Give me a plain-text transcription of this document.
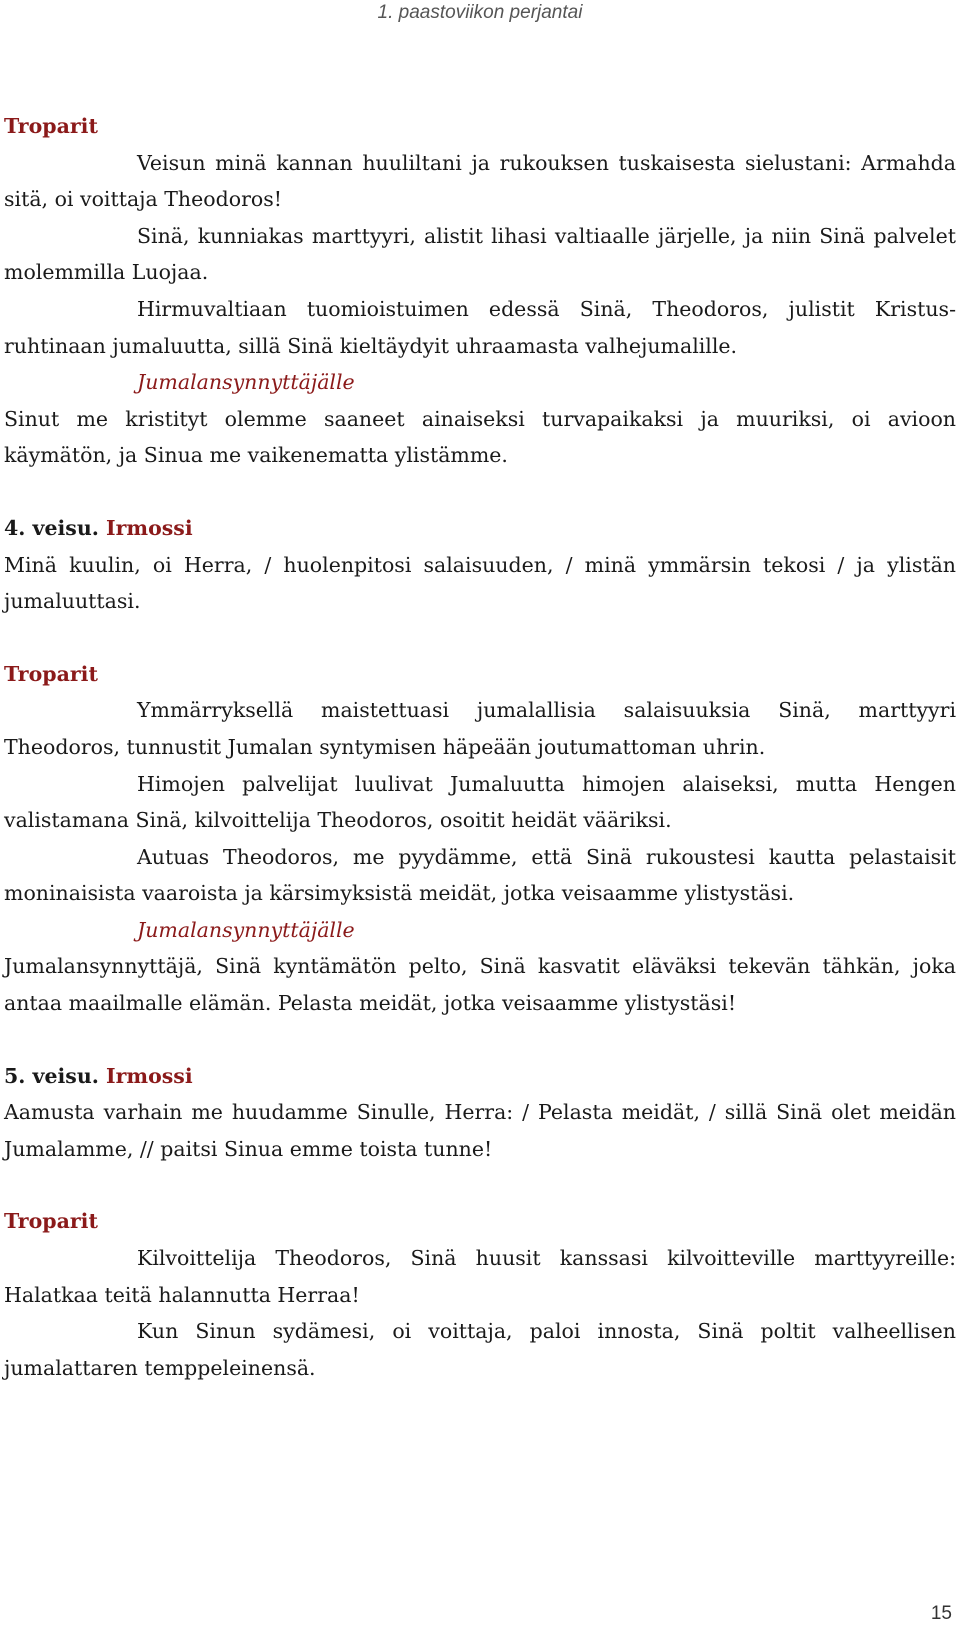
1. paastoviikon perjantai

Troparit

Veisun minä kannan huuliltani ja rukouksen tuskaisesta sielustani: Armahda sitä, oi voittaja Theodoros!

Sinä, kunniakas marttyyri, alistit lihasi valtiaalle järjelle, ja niin Sinä palvelet molemmilla Luojaa.

Hirmuvaltiaan tuomioistuimen edessä Sinä, Theodoros, julistit Kristus-ruhtinaan jumaluutta, sillä Sinä kieltäydyit uhraamasta valhejumalille.

Jumalansynnyttäjälle

Sinut me kristityt olemme saaneet ainaiseksi turvapaikaksi ja muuriksi, oi avioon käymätön, ja Sinua me vaikenematta ylistämme.

4. veisu. Irmossi

Minä kuulin, oi Herra, / huolenpitosi salaisuuden, / minä ymmärsin tekosi / ja ylistän jumaluuttasi.

Troparit

Ymmärryksellä maistettuasi jumalallisia salaisuuksia Sinä, marttyyri Theodoros, tunnustit Jumalan syntymisen häpeään joutumattoman uhrin.

Himojen palvelijat luulivat Jumaluutta himojen alaiseksi, mutta Hengen valistamana Sinä, kilvoittelija Theodoros, osoitit heidät vääriksi.

Autuas Theodoros, me pyydämme, että Sinä rukoustesi kautta pelastaisit moninaisista vaaroista ja kärsimyksistä meidät, jotka veisaamme ylistystäsi.

Jumalansynnyttäjälle

Jumalansynnyttäjä, Sinä kyntämätön pelto, Sinä kasvatit eläväksi tekevän tähkän, joka antaa maailmalle elämän. Pelasta meidät, jotka veisaamme ylistystäsi!

5. veisu. Irmossi

Aamusta varhain me huudamme Sinulle, Herra: / Pelasta meidät, / sillä Sinä olet meidän Jumalamme, // paitsi Sinua emme toista tunne!

Troparit

Kilvoittelija Theodoros, Sinä huusit kanssasi kilvoitteville marttyyreille: Halatkaa teitä halannutta Herraa!

Kun Sinun sydämesi, oi voittaja, paloi innosta, Sinä poltit valheellisen jumalattaren temppeleinensä.

15
